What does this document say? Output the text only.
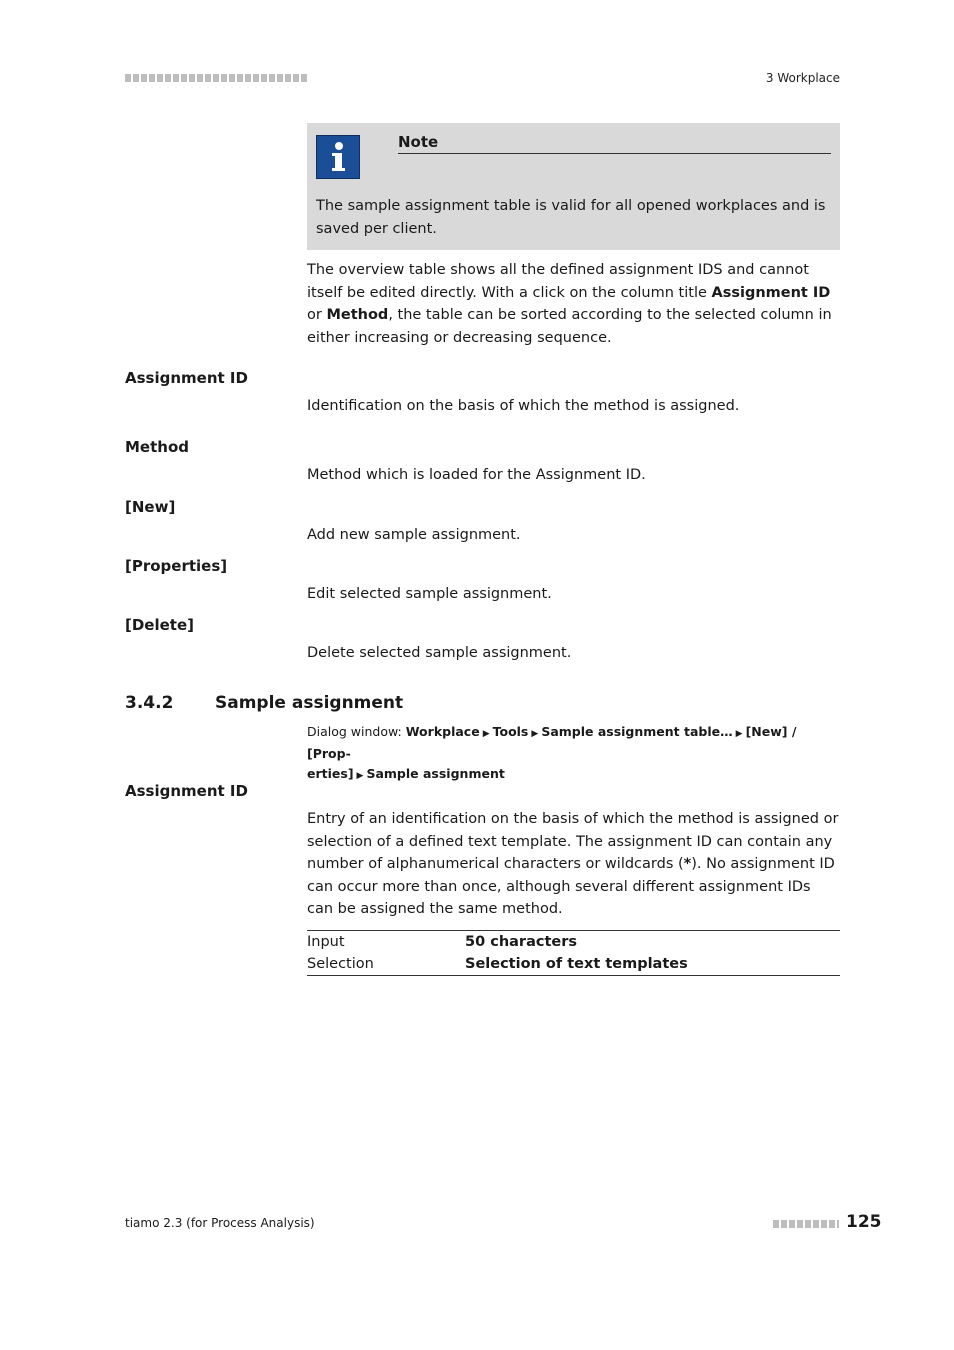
3 Workplace
Note
The sample assignment table is valid for all opened workplaces and is saved per client.
The overview table shows all the defined assignment IDS and cannot itself be edited directly. With a click on the column title Assignment ID or Method, the table can be sorted according to the selected column in either increasing or decreasing sequence.
Assignment ID
Identification on the basis of which the method is assigned.
Method
Method which is loaded for the Assignment ID.
[New]
Add new sample assignment.
[Properties]
Edit selected sample assignment.
[Delete]
Delete selected sample assignment.
3.4.2 Sample assignment
Dialog window: Workplace ▶ Tools ▶ Sample assignment table… ▶ [New] / [Prop-
erties] ▶ Sample assignment
Assignment ID
Entry of an identification on the basis of which the method is assigned or selection of a defined text template. The assignment ID can contain any number of alphanumerical characters or wildcards (*). No assignment ID can occur more than once, although several different assignment IDs can be assigned the same method.
Input	50 characters
Selection	Selection of text templates
tiamo 2.3 (for Process Analysis)	125
